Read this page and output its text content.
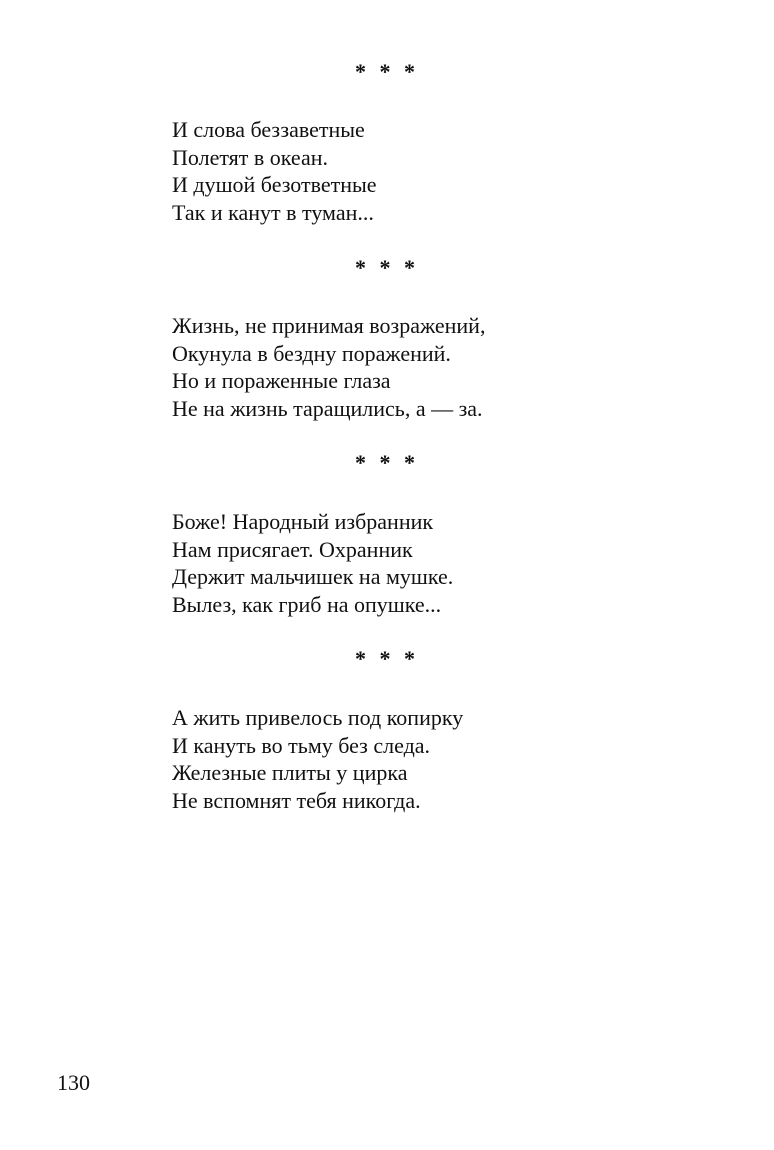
* * *
И слова беззаветные
Полетят в океан.
И душой безответные
Так и канут в туман...
* * *
Жизнь, не принимая возражений,
Окунула в бездну поражений.
Но и пораженные глаза
Не на жизнь таращились, а — за.
* * *
Боже! Народный избранник
Нам присягает. Охранник
Держит мальчишек на мушке.
Вылез, как гриб на опушке...
* * *
А жить привелось под копирку
И кануть во тьму без следа.
Железные плиты у цирка
Не вспомнят тебя никогда.
130
